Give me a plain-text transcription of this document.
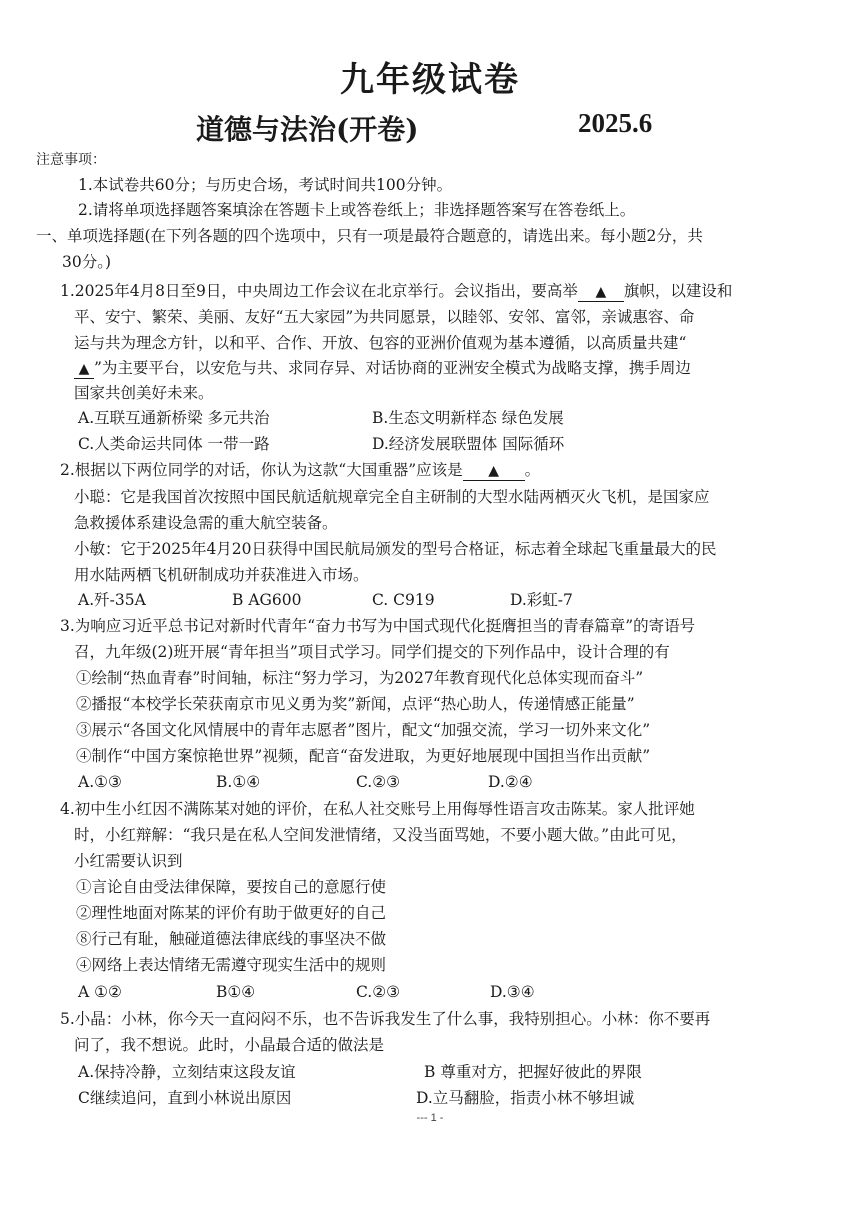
九年级试卷
道德与法治(开卷)	2025.6
注意事项：
1.本试卷共60分；与历史合场，考试时间共100分钟。
2.请将单项选择题答案填涂在答题卡上或答卷纸上；非选择题答案写在答卷纸上。
一、单项选择题(在下列各题的四个选项中，只有一项是最符合题意的，请选出来。每小题2分，共
30分。)
1.2025年4月8日至9日，中央周边工作会议在北京举行。会议指出，要高举 ▲ 旗帜，以建设和
平、安宁、繁荣、美丽、友好“五大家园”为共同愿景，以睦邻、安邻、富邻，亲诚惠容、命
运与共为理念方针，以和平、合作、开放、包容的亚洲价值观为基本遵循，以高质量共建“
▲ ”为主要平台，以安危与共、求同存异、对话协商的亚洲安全模式为战略支撑，携手周边
国家共创美好未来。
A.互联互通新桥梁 多元共治	B.生态文明新样态 绿色发展
C.人类命运共同体 一带一路	D.经济发展联盟体 国际循环
2.根据以下两位同学的对话，你认为这款“大国重器”应该是 ▲ 。
小聪：它是我国首次按照中国民航适航规章完全自主研制的大型水陆两栖灭火飞机，是国家应
急救援体系建设急需的重大航空装备。
小敏：它于2025年4月20日获得中国民航局颁发的型号合格证，标志着全球起飞重量最大的民
用水陆两栖飞机研制成功并获准进入市场。
A.歼-35A	B AG600	C. C919	D.彩虹-7
3.为响应习近平总书记对新时代青年“奋力书写为中国式现代化挺膺担当的青春篇章”的寄语号
召，九年级(2)班开展“青年担当”项目式学习。同学们提交的下列作品中，设计合理的有
①绘制“热血青春”时间轴，标注“努力学习，为2027年教育现代化总体实现而奋斗”
②播报“本校学长荣获南京市见义勇为奖”新闻，点评“热心助人，传递情感正能量”
③展示“各国文化风情展中的青年志愿者”图片，配文“加强交流，学习一切外来文化”
④制作“中国方案惊艳世界”视频，配音“奋发进取，为更好地展现中国担当作出贡献”
A.①③	B.①④	C.②③	D.②④
4.初中生小红因不满陈某对她的评价，在私人社交账号上用侮辱性语言攻击陈某。家人批评她
时，小红辩解：“我只是在私人空间发泄情绪，又没当面骂她，不要小题大做。”由此可见，
小红需要认识到
①言论自由受法律保障，要按自己的意愿行使
②理性地面对陈某的评价有助于做更好的自己
⑧行己有耻，触碰道德法律底线的事坚决不做
④网络上表达情绪无需遵守现实生活中的规则
A ①②	B①④	C.②③	D.③④
5.小晶：小林，你今天一直闷闷不乐，也不告诉我发生了什么事，我特别担心。小林：你不要再
问了，我不想说。此时，小晶最合适的做法是
A.保持冷静，立刻结束这段友谊	B 尊重对方，把握好彼此的界限
C继续追问，直到小林说出原因	D.立马翻脸，指责小林不够坦诚
--- 1 -
